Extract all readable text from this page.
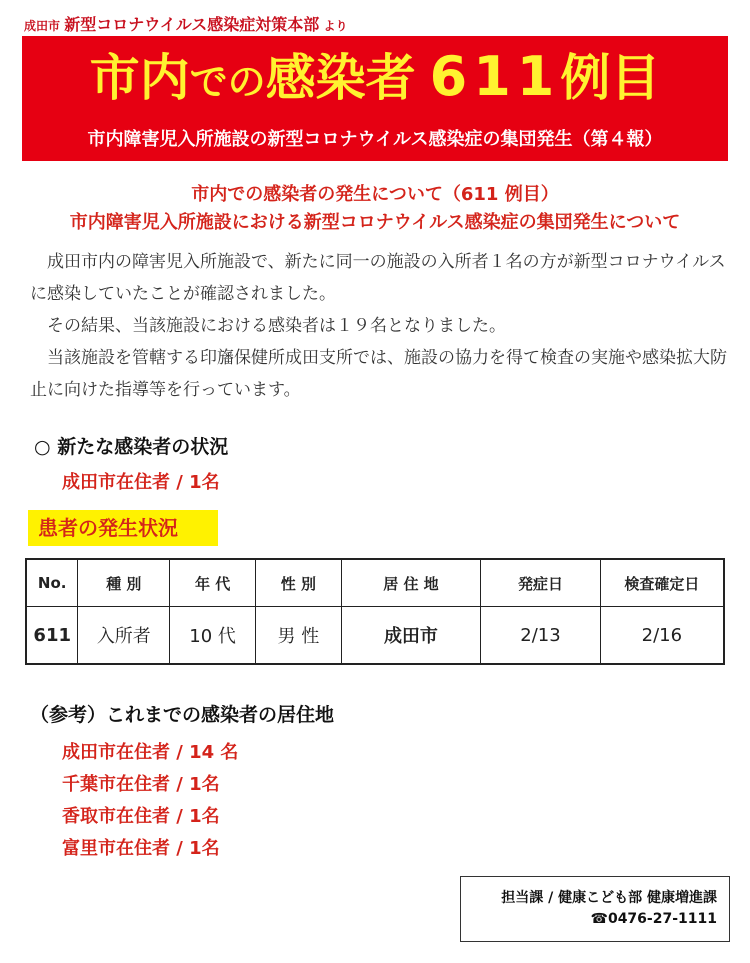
成田市 新型コロナウイルス感染症対策本部 より
市内での感染者 611例目
市内障害児入所施設の新型コロナウイルス感染症の集団発生（第４報）
市内での感染者の発生について（611 例目）
市内障害児入所施設における新型コロナウイルス感染症の集団発生について

成田市内の障害児入所施設で、新たに同一の施設の入所者１名の方が新型コロナウイルスに感染していたことが確認されました。

その結果、当該施設における感染者は１９名となりました。

当該施設を管轄する印旛保健所成田支所では、施設の協力を得て検査の実施や感染拡大防止に向けた指導等を行っています。

○ 新たな感染者の状況
成田市在住者 / 1名
患者の発生状況
No.	種 別	年 代	性 別	居 住 地	発症日	検査確定日
611	入所者	10 代	男 性	成田市	2/13	2/16
（参考）これまでの感染者の居住地
成田市在住者 / 14 名
千葉市在住者 / 1名
香取市在住者 / 1名
富里市在住者 / 1名
担当課 / 健康こども部 健康増進課
☎0476-27-1111
